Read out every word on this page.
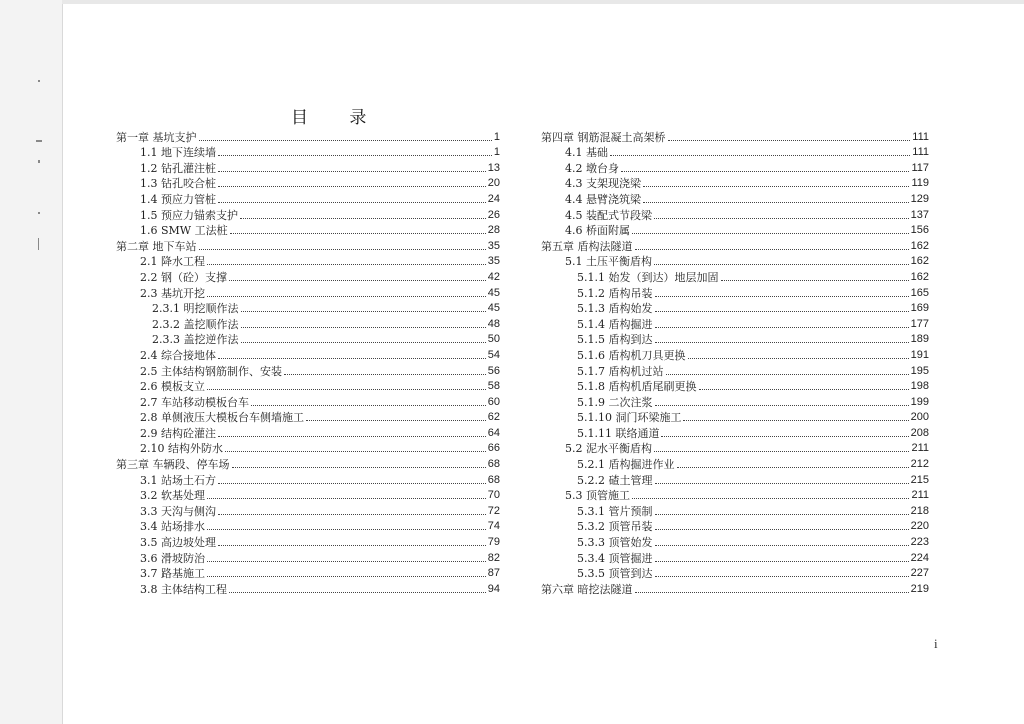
目 录
第一章 基坑支护	1
1.1 地下连续墙	1
1.2 钻孔灌注桩	13
1.3 钻孔咬合桩	20
1.4 预应力管桩	24
1.5 预应力锚索支护	26
1.6 SMW 工法桩	28
第二章 地下车站	35
2.1 降水工程	35
2.2 钢（砼）支撑	42
2.3 基坑开挖	45
2.3.1 明挖顺作法	45
2.3.2 盖挖顺作法	48
2.3.3 盖挖逆作法	50
2.4 综合接地体	54
2.5 主体结构钢筋制作、安装	56
2.6 模板支立	58
2.7 车站移动模板台车	60
2.8 单侧液压大模板台车侧墙施工	62
2.9 结构砼灌注	64
2.10 结构外防水	66
第三章 车辆段、停车场	68
3.1 站场土石方	68
3.2 软基处理	70
3.3 天沟与侧沟	72
3.4 站场排水	74
3.5 高边坡处理	79
3.6 滑坡防治	82
3.7 路基施工	87
3.8 主体结构工程	94
第四章 钢筋混凝土高架桥	111
4.1 基础	111
4.2 墩台身	117
4.3 支架现浇梁	119
4.4 悬臂浇筑梁	129
4.5 装配式节段梁	137
4.6 桥面附属	156
第五章 盾构法隧道	162
5.1 土压平衡盾构	162
5.1.1 始发（到达）地层加固	162
5.1.2 盾构吊装	165
5.1.3 盾构始发	169
5.1.4 盾构掘进	177
5.1.5 盾构到达	189
5.1.6 盾构机刀具更换	191
5.1.7 盾构机过站	195
5.1.8 盾构机盾尾刷更换	198
5.1.9 二次注浆	199
5.1.10 洞门环梁施工	200
5.1.11 联络通道	208
5.2 泥水平衡盾构	211
5.2.1 盾构掘进作业	212
5.2.2 碴土管理	215
5.3 顶管施工	211
5.3.1 管片预制	218
5.3.2 顶管吊装	220
5.3.3 顶管始发	223
5.3.4 顶管掘进	224
5.3.5 顶管到达	227
第六章 暗挖法隧道	219
i
